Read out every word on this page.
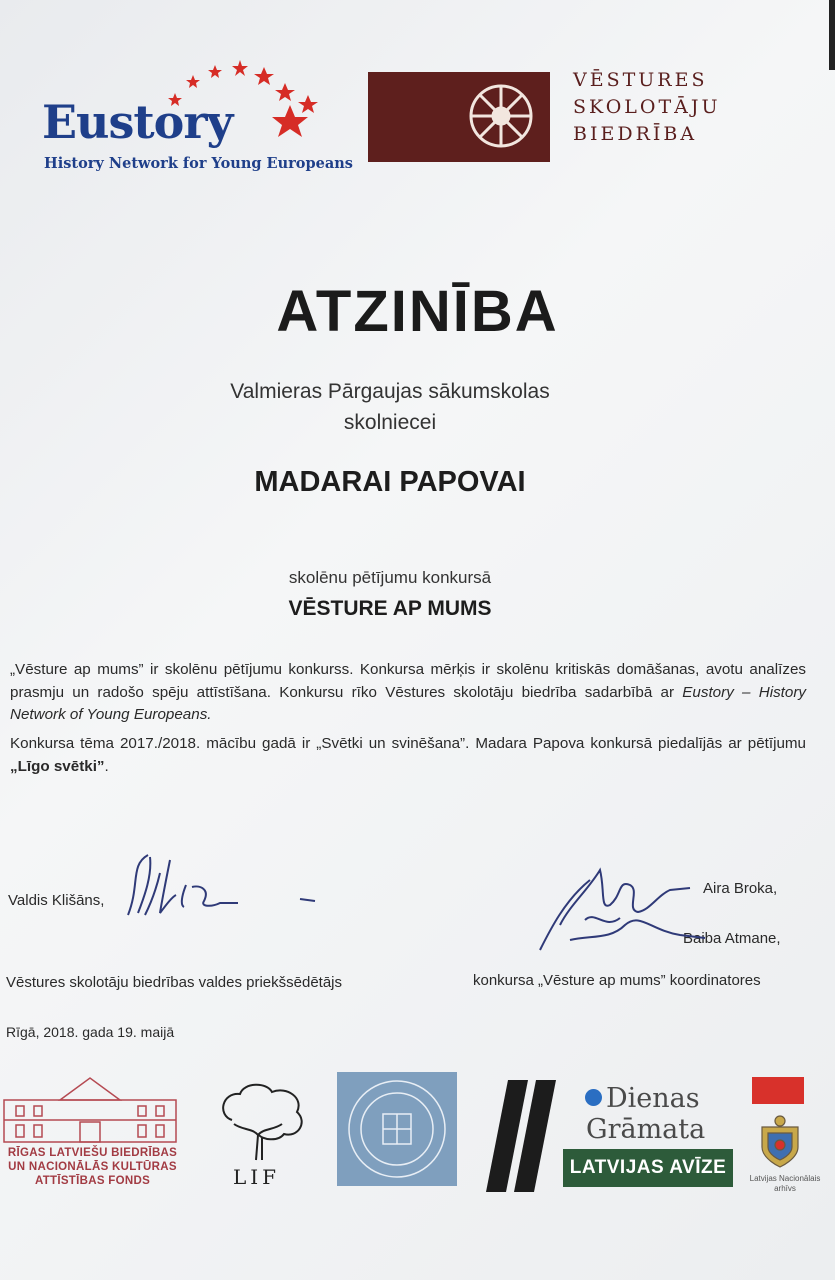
Eustory
History Network for Young Europeans
VĒSTURES
SKOLOTĀJU
BIEDRĪBA
ATZINĪBA
Valmieras Pārgaujas sākumskolas
skolniecei
MADARAI PAPOVAI
skolēnu pētījumu konkursā
VĒSTURE AP MUMS
„Vēsture ap mums” ir skolēnu pētījumu konkurss. Konkursa mērķis ir skolēnu kritiskās domāšanas, avotu analīzes prasmju un radošo spēju attīstīšana. Konkursu rīko Vēstures skolotāju biedrība sadarbībā ar Eustory – History Network of Young Europeans.
Konkursa tēma 2017./2018. mācību gadā ir „Svētki un svinēšana”. Madara Papova konkursā piedalījās ar pētījumu „Līgo svētki”.
Valdis Klišāns,
Aira Broka,
Baiba Atmane,
Vēstures skolotāju biedrības valdes priekšsēdētājs	konkursa „Vēsture ap mums” koordinatores
Rīgā, 2018. gada 19. maijā
RĪGAS LATVIEŠU BIEDRĪBAS
UN NACIONĀLĀS KULTŪRAS
ATTĪSTĪBAS FONDS	LIF
Dienas
Grāmata
LATVIJAS AVĪZE
Latvijas Nacionālais arhīvs
